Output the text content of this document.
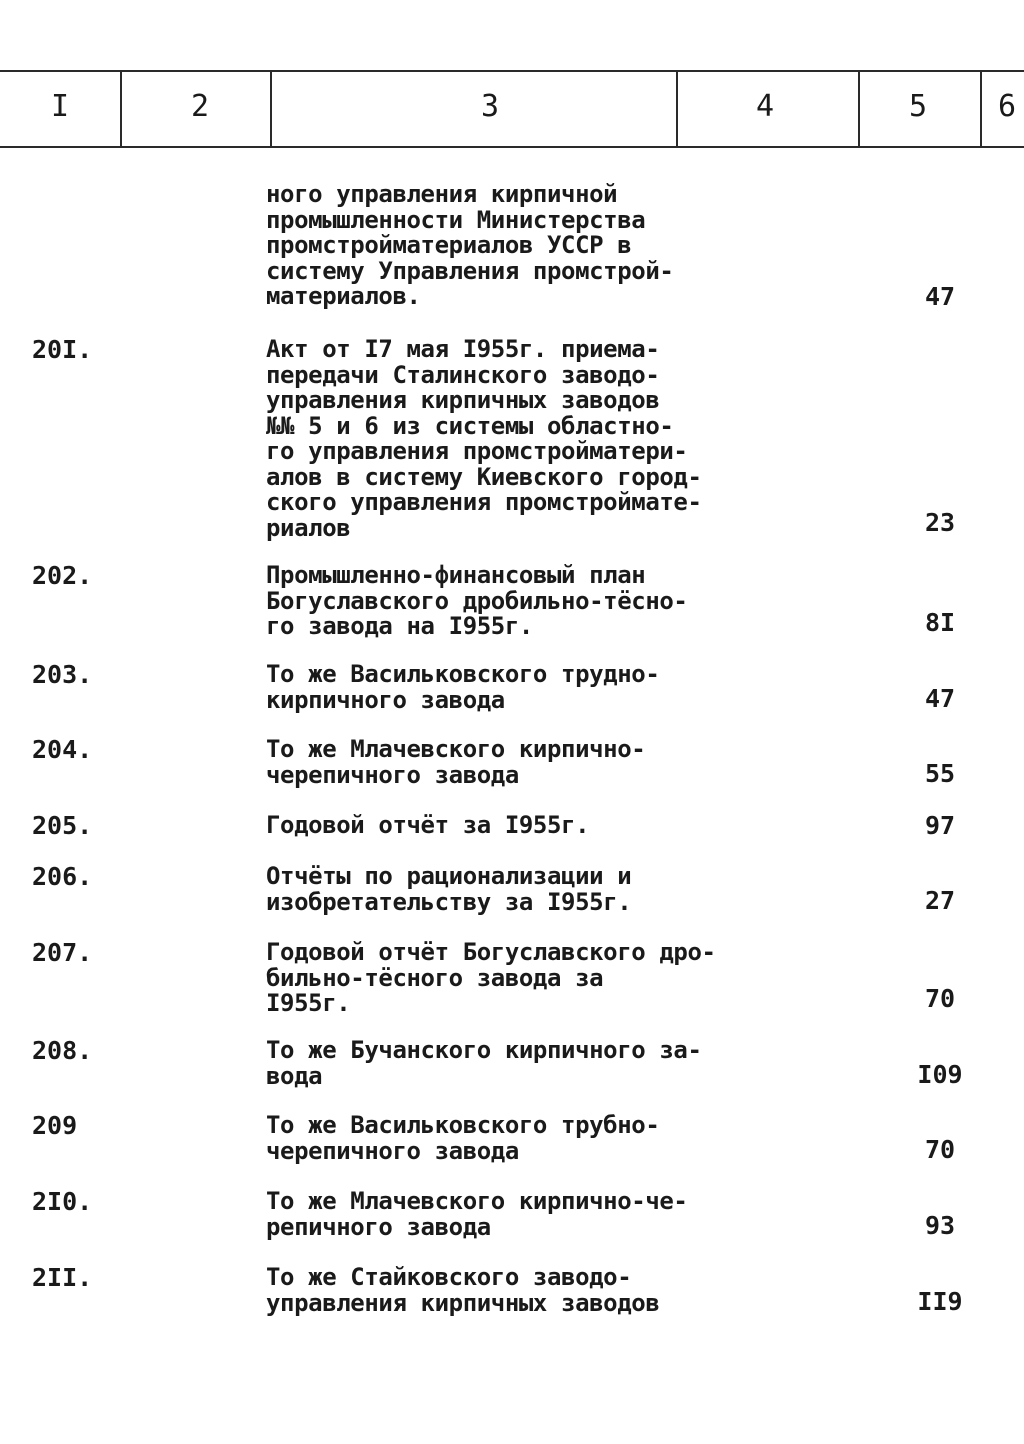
I	2	3	4	5	6
ного управления кирпичной
промышленности Министерства
промстройматериалов УССР в
систему Управления промстрой-
материалов.	47
20I.	Акт от I7 мая I955г. приема-
передачи Сталинского заводо-
управления кирпичных заводов
№№ 5 и 6 из системы областно-
го управления промстройматери-
алов в систему Киевского город-
ского управления промстроймате-
риалов	23
202.	Промышленно-финансовый план
Богуславского дробильно-тёсно-
го завода на I955г.	8I
203.	То же Васильковского трудно-
кирпичного завода	47
204.	То же Млачевского кирпично-
черепичного завода	55
205.	Годовой отчёт за I955г.	97
206.	Отчёты по рационализации и
изобретательству за I955г.	27
207.	Годовой отчёт Богуславского дро-
бильно-тёсного завода за
I955г.	70
208.	То же Бучанского кирпичного за-
вода	I09
209	То же Васильковского трубно-
черепичного завода	70
2I0.	То же Млачевского кирпично-че-
репичного завода	93
2II.	То же Стайковского заводо-
управления кирпичных заводов	II9
